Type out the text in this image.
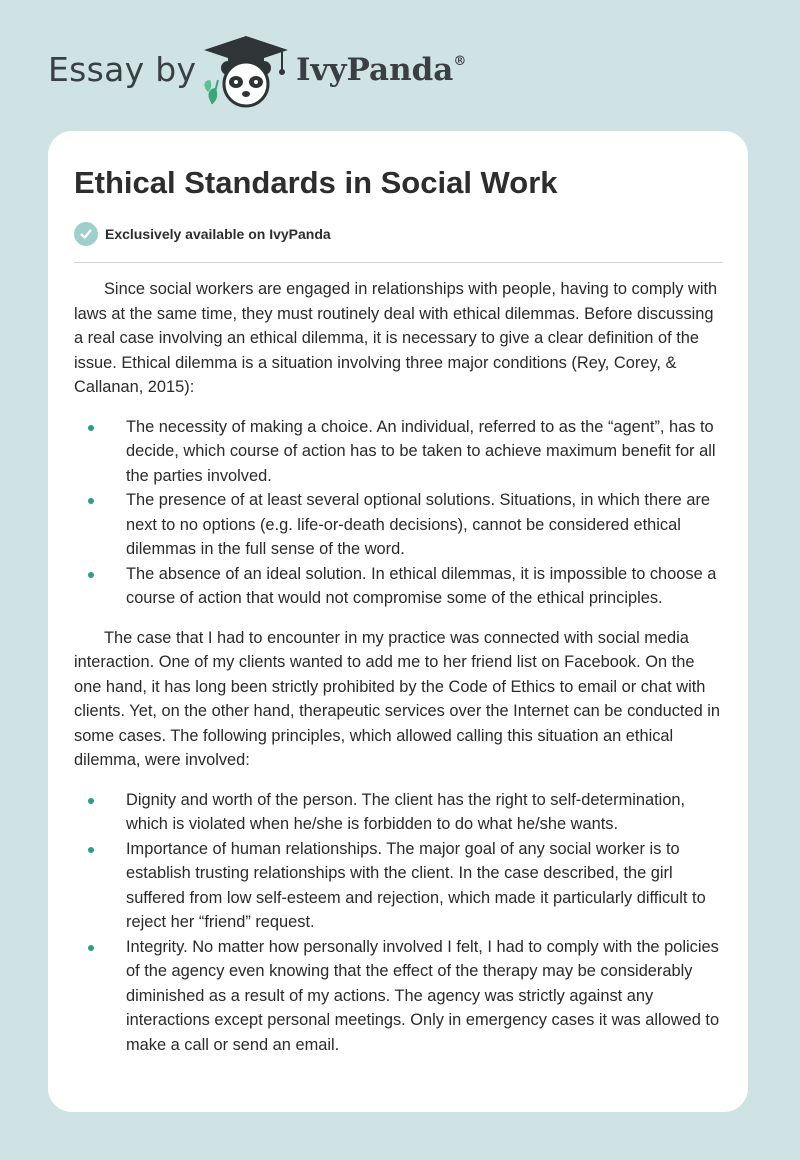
Essay by	IvyPanda®
Ethical Standards in Social Work
Exclusively available on IvyPanda

Since social workers are engaged in relationships with people, having to comply with laws at the same time, they must routinely deal with ethical dilemmas. Before discussing a real case involving an ethical dilemma, it is necessary to give a clear definition of the issue. Ethical dilemma is a situation involving three major conditions (Rey, Corey, & Callanan, 2015):

The necessity of making a choice. An individual, referred to as the “agent”, has to decide, which course of action has to be taken to achieve maximum benefit for all the parties involved.
The presence of at least several optional solutions. Situations, in which there are next to no options (e.g. life-or-death decisions), cannot be considered ethical dilemmas in the full sense of the word.
The absence of an ideal solution. In ethical dilemmas, it is impossible to choose a course of action that would not compromise some of the ethical principles.

The case that I had to encounter in my practice was connected with social media interaction. One of my clients wanted to add me to her friend list on Facebook. On the one hand, it has long been strictly prohibited by the Code of Ethics to email or chat with clients. Yet, on the other hand, therapeutic services over the Internet can be conducted in some cases. The following principles, which allowed calling this situation an ethical dilemma, were involved:

Dignity and worth of the person. The client has the right to self-determination, which is violated when he/she is forbidden to do what he/she wants.
Importance of human relationships. The major goal of any social worker is to establish trusting relationships with the client. In the case described, the girl suffered from low self-esteem and rejection, which made it particularly difficult to reject her “friend” request.
Integrity. No matter how personally involved I felt, I had to comply with the policies of the agency even knowing that the effect of the therapy may be considerably diminished as a result of my actions. The agency was strictly against any interactions except personal meetings. Only in emergency cases it was allowed to make a call or send an email.
